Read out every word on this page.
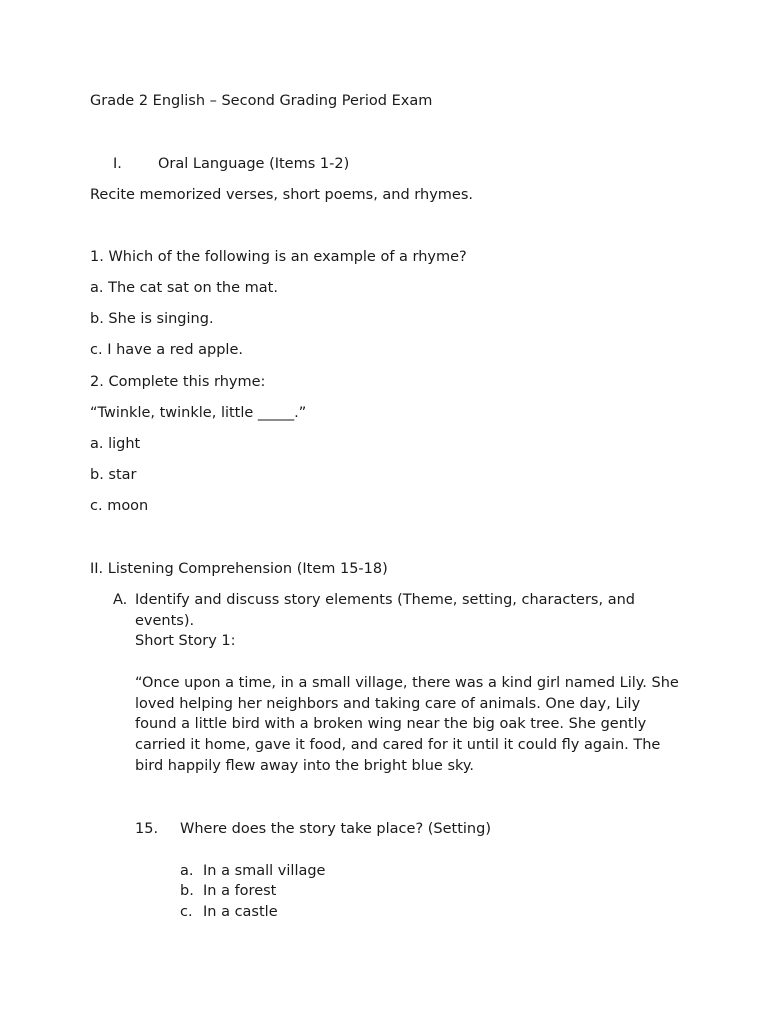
Grade 2 English – Second Grading Period Exam
I. Oral Language (Items 1-2)
Recite memorized verses, short poems, and rhymes.
1. Which of the following is an example of a rhyme?
a. The cat sat on the mat.
b. She is singing.
c. I have a red apple.
2. Complete this rhyme:
“Twinkle, twinkle, little _____.”
a. light
b. star
c. moon
II. Listening Comprehension (Item 15-18)
A. Identify and discuss story elements (Theme, setting, characters, and events).
Short Story 1:
“Once upon a time, in a small village, there was a kind girl named Lily. She loved helping her neighbors and taking care of animals. One day, Lily found a little bird with a broken wing near the big oak tree. She gently carried it home, gave it food, and cared for it until it could fly again. The bird happily flew away into the bright blue sky.
15. Where does the story take place? (Setting)
a. In a small village
b. In a forest
c. In a castle
